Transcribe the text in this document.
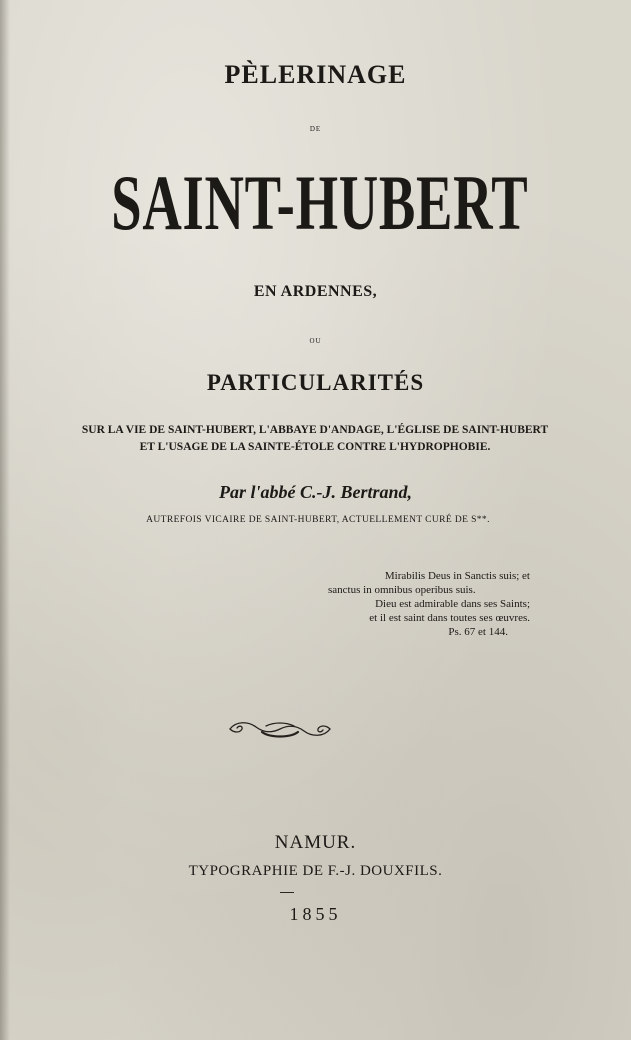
PÈLERINAGE
DE
SAINT-HUBERT
EN ARDENNES,
OU
PARTICULARITÉS
SUR LA VIE DE SAINT-HUBERT, L'ABBAYE D'ANDAGE, L'ÉGLISE DE SAINT-HUBERT
ET L'USAGE DE LA SAINTE-ÉTOLE CONTRE L'HYDROPHOBIE.
Par l'abbé C.-J. Bertrand,
AUTREFOIS VICAIRE DE SAINT-HUBERT, ACTUELLEMENT CURÉ DE S**.
Mirabilis Deus in Sanctis suis; et
sanctus in omnibus operibus suis.
Dieu est admirable dans ses Saints;
et il est saint dans toutes ses œuvres.
Ps. 67 et 144.
NAMUR.
TYPOGRAPHIE DE F.-J. DOUXFILS.
1855
